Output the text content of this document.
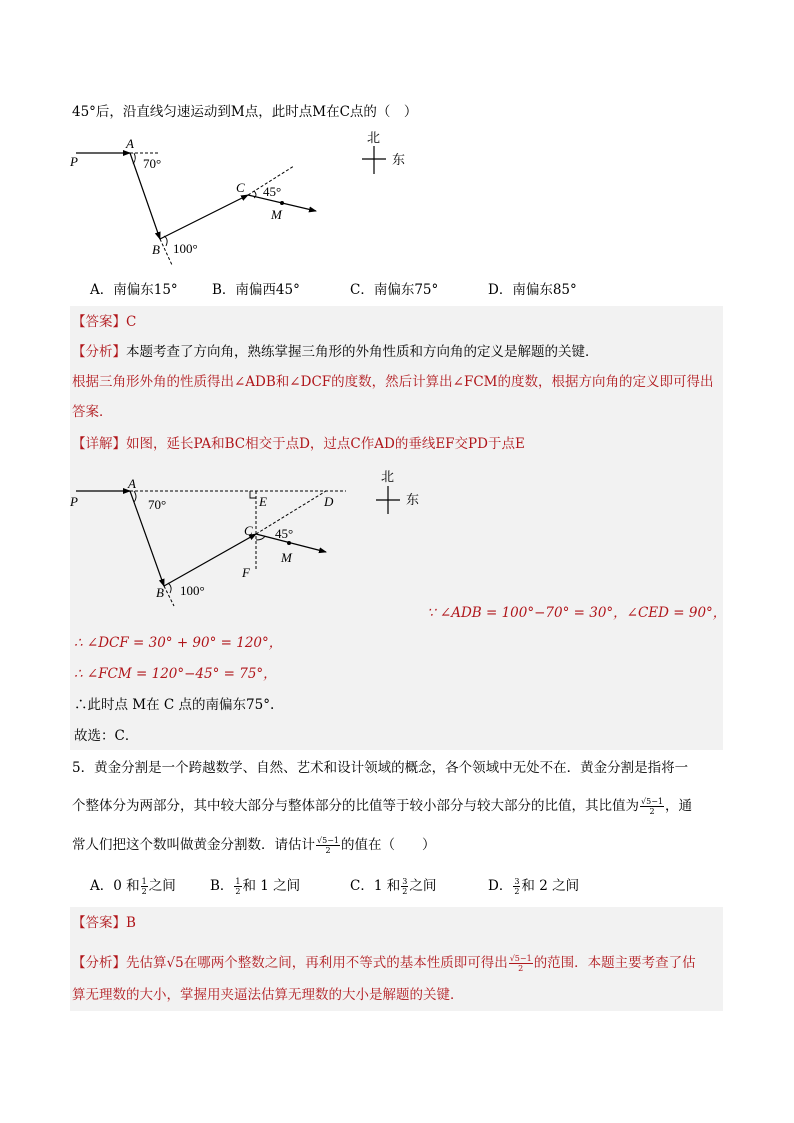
45°后，沿直线匀速运动到M点，此时点M在C点的（　）
P
A
70°
C 45°
M
B 100°
北
东
A．南偏东15°	B．南偏西45°	C．南偏东75°	D．南偏东85°
【答案】C
【分析】本题考查了方向角，熟练掌握三角形的外角性质和方向角的定义是解题的关键．
根据三角形外角的性质得出∠ADB和∠DCF的度数，然后计算出∠FCM的度数，根据方向角的定义即可得出
答案．
【详解】如图，延长PA和BC相交于点D，过点C作AD的垂线EF交PD于点E
P
A
70°	E	D
C 45°
M
F
B 100°
北
东
∵ ∠ADB = 100°−70° = 30°，∠CED = 90°，
∴ ∠DCF = 30° + 90° = 120°，
∴ ∠FCM = 120°−45° = 75°，
∴此时点 M在 C 点的南偏东75°.
故选：C．
5．黄金分割是一个跨越数学、自然、艺术和设计领域的概念，各个领域中无处不在．黄金分割是指将一
个整体分为两部分，其中较大部分与整体部分的比值等于较小部分与较大部分的比值，其比值为 $\frac{√5-1}{2}$ ，通
常人们把这个数叫做黄金分割数．请估计 $\frac{√5-1}{2}$ 的值在（　　）
A．0 和 $\frac{1}{2}$ 之间	B． $\frac{1}{2}$ 和 1 之间	C．1 和 $\frac{3}{2}$ 之间	D． $\frac{3}{2}$ 和 2 之间
【答案】B
【分析】先估算√5在哪两个整数之间，再利用不等式的基本性质即可得出 $\frac{√5-1}{2}$ 的范围．本题主要考查了估
算无理数的大小，掌握用夹逼法估算无理数的大小是解题的关键．
